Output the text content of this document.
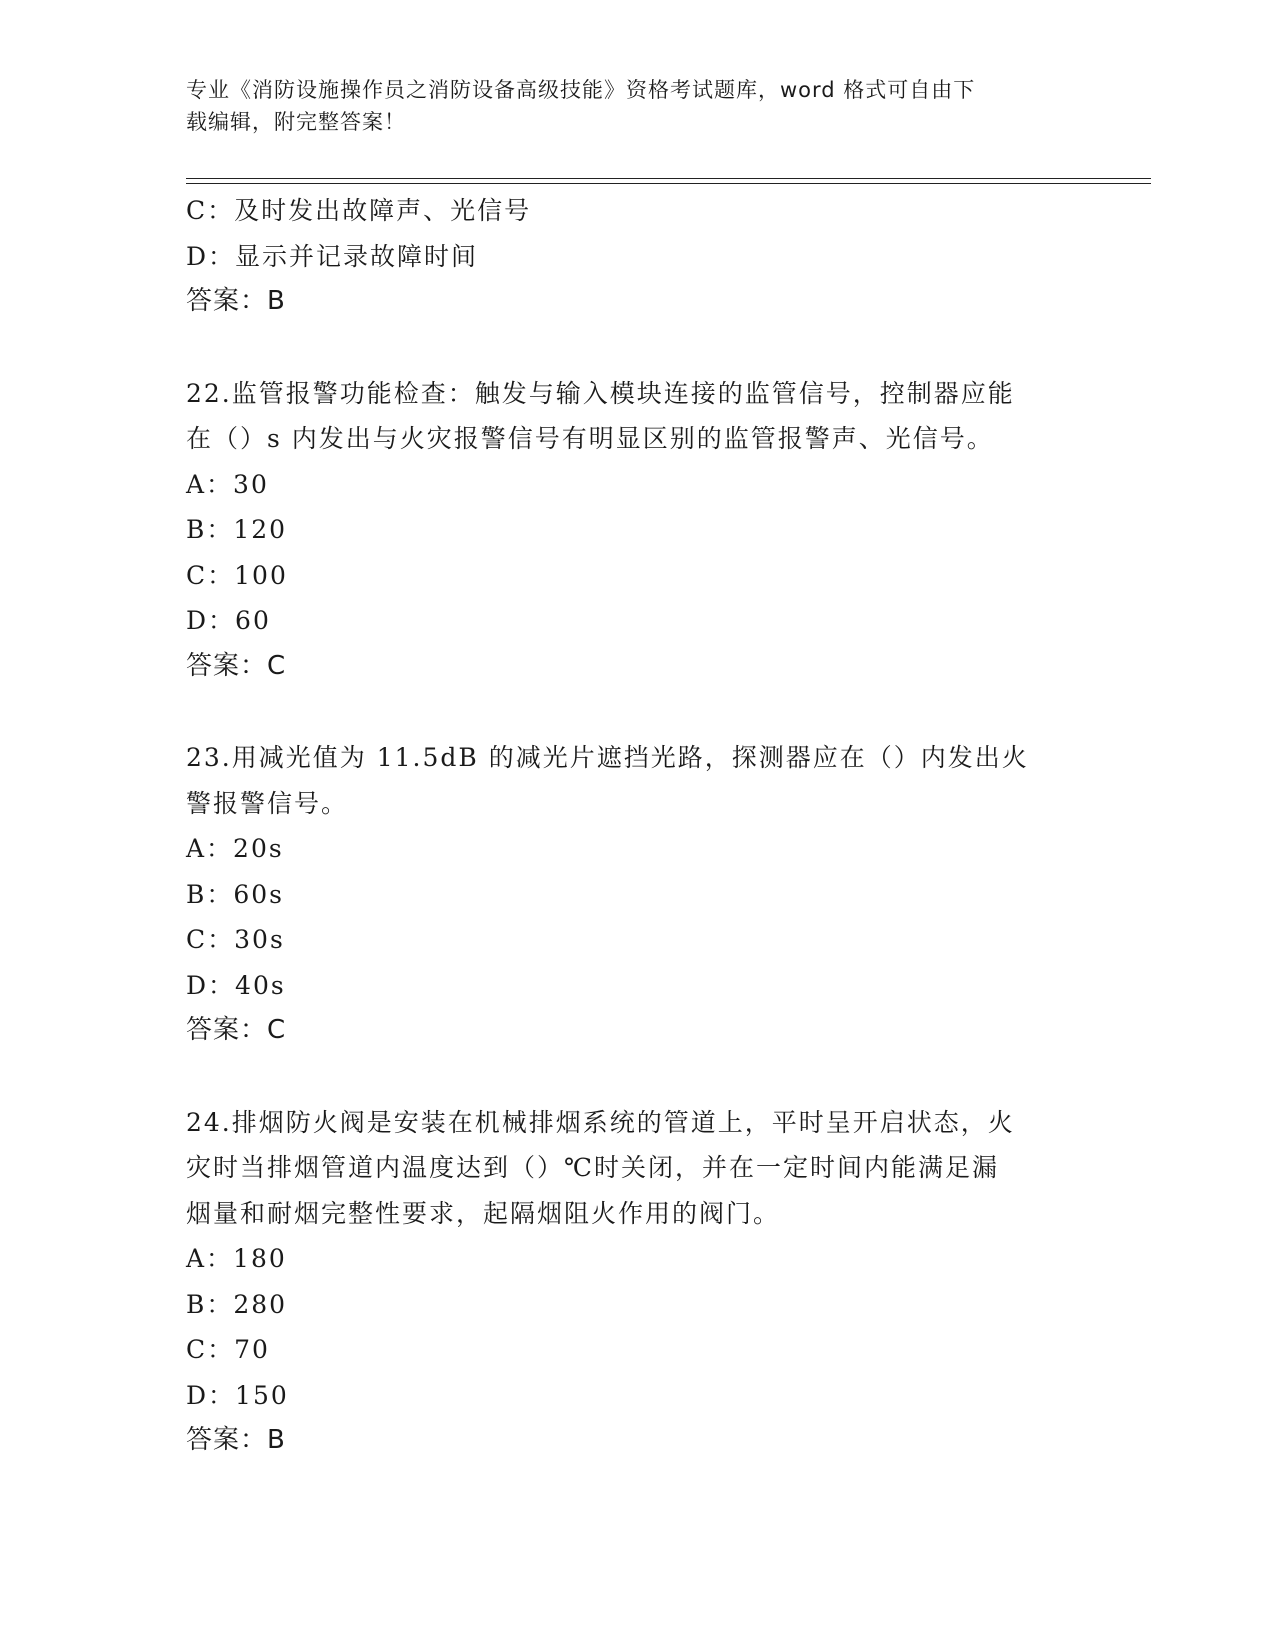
专业《消防设施操作员之消防设备高级技能》资格考试题库，word 格式可自由下
载编辑，附完整答案！
C：及时发出故障声、光信号
D：显示并记录故障时间
答案：B
22.监管报警功能检查：触发与输入模块连接的监管信号，控制器应能
在（）s 内发出与火灾报警信号有明显区别的监管报警声、光信号。
A：30
B：120
C：100
D：60
答案：C
23.用减光值为 11.5dB 的减光片遮挡光路，探测器应在（）内发出火
警报警信号。
A：20s
B：60s
C：30s
D：40s
答案：C
24.排烟防火阀是安装在机械排烟系统的管道上，平时呈开启状态，火
灾时当排烟管道内温度达到（）℃时关闭，并在一定时间内能满足漏
烟量和耐烟完整性要求，起隔烟阻火作用的阀门。
A：180
B：280
C：70
D：150
答案：B
